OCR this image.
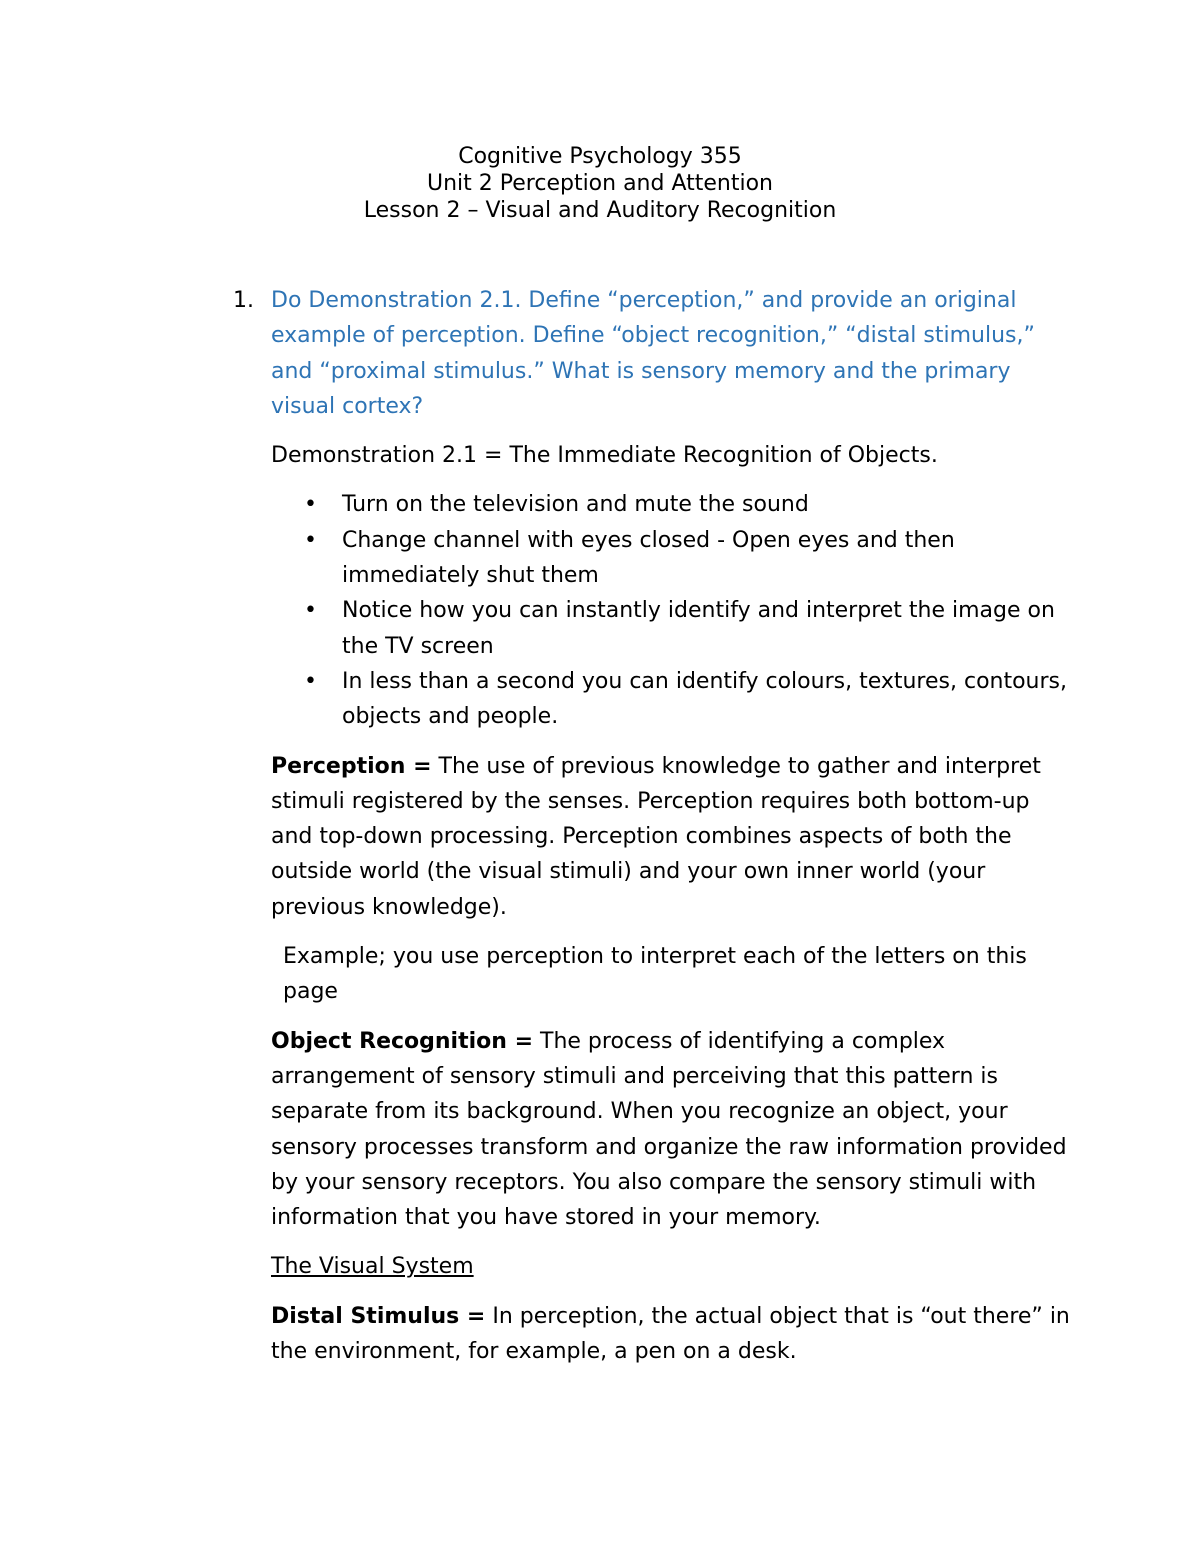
Cognitive Psychology 355
Unit 2 Perception and Attention
Lesson 2 – Visual and Auditory Recognition
1. Do Demonstration 2.1. Define “perception,” and provide an original example of perception. Define “object recognition,” “distal stimulus,” and “proximal stimulus.” What is sensory memory and the primary visual cortex?

Demonstration 2.1 = The Immediate Recognition of Objects.

• Turn on the television and mute the sound
• Change channel with eyes closed - Open eyes and then immediately shut them
• Notice how you can instantly identify and interpret the image on the TV screen
• In less than a second you can identify colours, textures, contours, objects and people.

Perception = The use of previous knowledge to gather and interpret stimuli registered by the senses. Perception requires both bottom-up and top-down processing. Perception combines aspects of both the outside world (the visual stimuli) and your own inner world (your previous knowledge).

Example; you use perception to interpret each of the letters on this page

Object Recognition = The process of identifying a complex arrangement of sensory stimuli and perceiving that this pattern is separate from its background. When you recognize an object, your sensory processes transform and organize the raw information provided by your sensory receptors. You also compare the sensory stimuli with information that you have stored in your memory.

The Visual System

Distal Stimulus = In perception, the actual object that is “out there” in the environment, for example, a pen on a desk.
